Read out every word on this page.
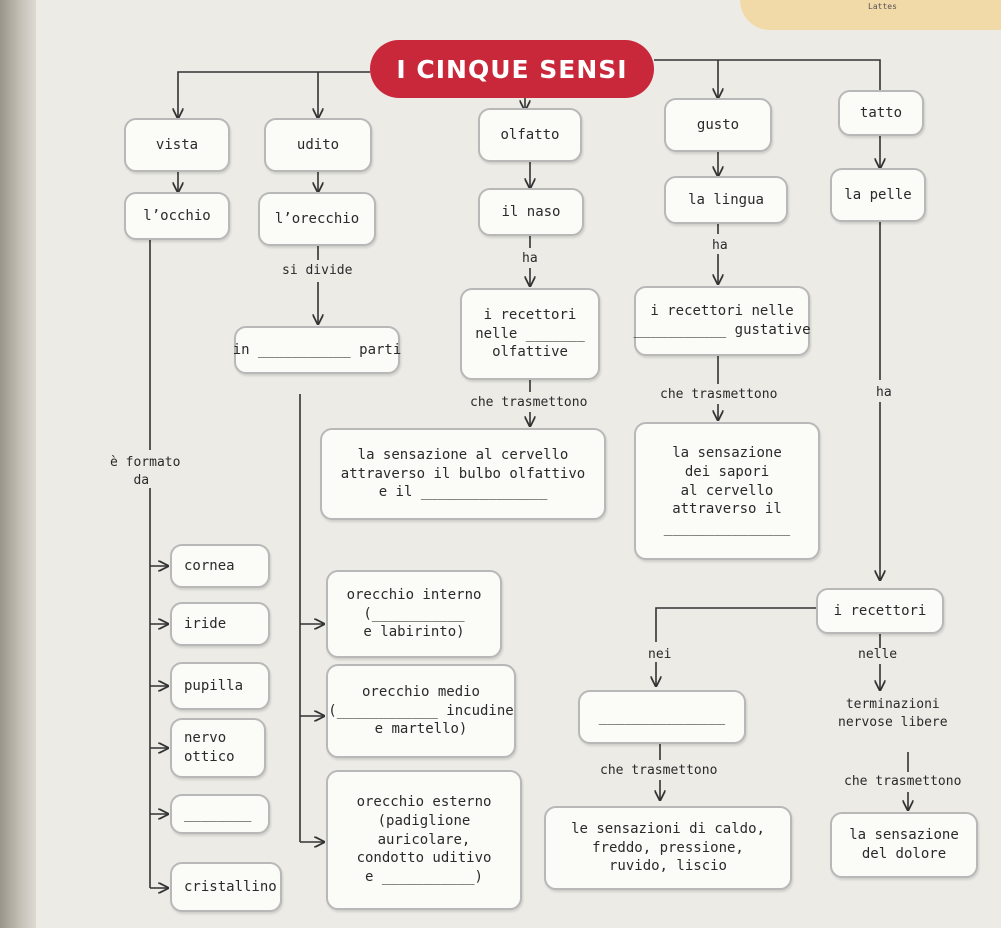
Lattes
I CINQUE SENSI
vista	udito
olfatto
gusto
tatto
l’occhio	l’orecchio	il naso
la lingua	la pelle
si divide
ha
ha
ha
è formato
da
che trasmettono
che trasmettono
nei	nelle
che trasmettono
che trasmettono
in ___________ parti
i recettori
nelle _______
olfattive
i recettori nelle
___________ gustative
la sensazione al cervello
attraverso il bulbo olfattivo
e il _______________
la sensazione
dei sapori
al cervello
attraverso il
_______________
orecchio interno
(___________
e labirinto)
orecchio medio
(____________ incudine
e martello)
orecchio esterno
(padiglione
auricolare,
condotto uditivo
e ___________)
cornea
iride
pupilla
nervo
ottico
________
cristallino
i recettori
_______________
terminazioni
nervose libere
le sensazioni di caldo,
freddo, pressione,
ruvido, liscio
la sensazione
del dolore
